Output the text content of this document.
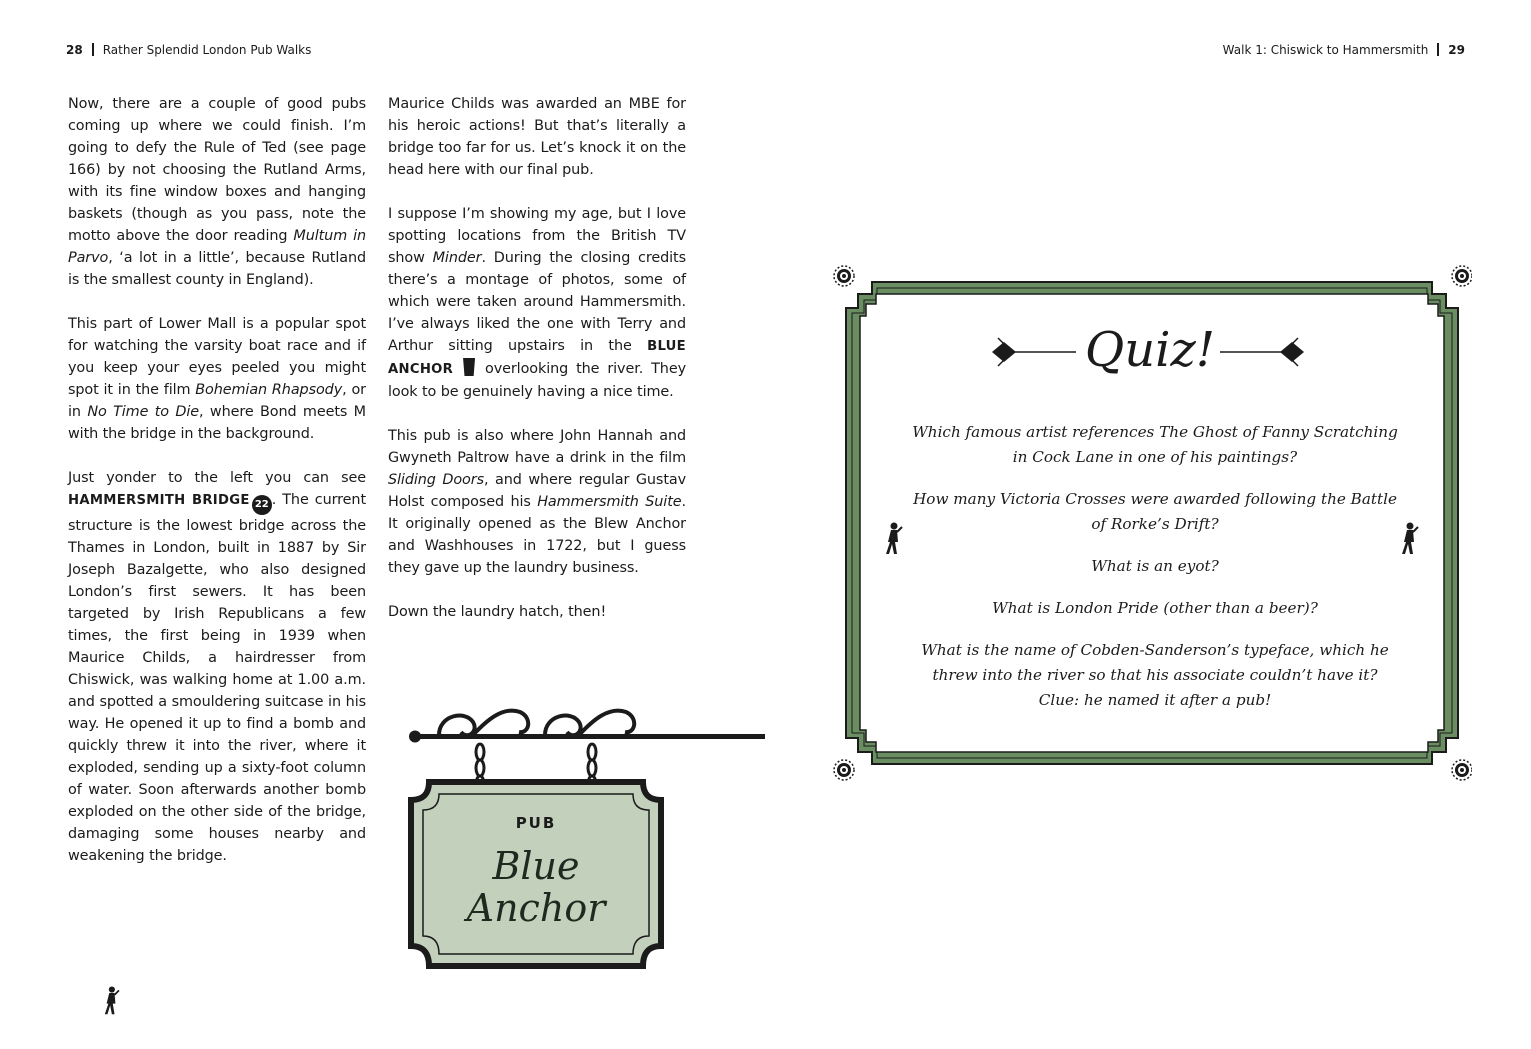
28 Rather Splendid London Pub Walks	Walk 1: Chiswick to Hammersmith 29

Now, there are a couple of good pubs coming up where we could finish. I’m going to defy the Rule of Ted (see page 166) by not choosing the Rutland Arms, with its fine window boxes and hanging baskets (though as you pass, note the motto above the door reading Multum in Parvo, ‘a lot in a little’, because Rutland is the smallest county in England).

This part of Lower Mall is a popular spot for watching the varsity boat race and if you keep your eyes peeled you might spot it in the film Bohemian Rhapsody, or in No Time to Die, where Bond meets M with the bridge in the background.

Just yonder to the left you can see HAMMERSMITH BRIDGE 22 . The current structure is the lowest bridge across the Thames in London, built in 1887 by Sir Joseph Bazalgette, who also designed London’s first sewers. It has been targeted by Irish Republicans a few times, the first being in 1939 when Maurice Childs, a hairdresser from Chiswick, was walking home at 1.00 a.m. and spotted a smouldering suitcase in his way. He opened it up to find a bomb and quickly threw it into the river, where it exploded, sending up a sixty-foot column of water. Soon afterwards another bomb exploded on the other side of the bridge, damaging some houses nearby and weakening the bridge.

Maurice Childs was awarded an MBE for his heroic actions! But that’s literally a bridge too far for us. Let’s knock it on the head here with our final pub.

I suppose I’m showing my age, but I love spotting locations from the British TV show Minder. During the closing credits there’s a montage of photos, some of which were taken around Hammersmith. I’ve always liked the one with Terry and Arthur sitting upstairs in the BLUE ANCHOR  overlooking the river. They look to be genuinely having a nice time.

This pub is also where John Hannah and Gwyneth Paltrow have a drink in the film Sliding Doors, and where regular Gustav Holst composed his Hammersmith Suite. It originally opened as the Blew Anchor and Washhouses in 1722, but I guess they gave up the laundry business.

Down the laundry hatch, then!

PUB
Blue
Anchor
Quiz!
Which famous artist references The Ghost of Fanny Scratching in Cock Lane in one of his paintings?
How many Victoria Crosses were awarded following the Battle of Rorke’s Drift?
What is an eyot?
What is London Pride (other than a beer)?
What is the name of Cobden-Sanderson’s typeface, which he threw into the river so that his associate couldn’t have it? Clue: he named it after a pub!
